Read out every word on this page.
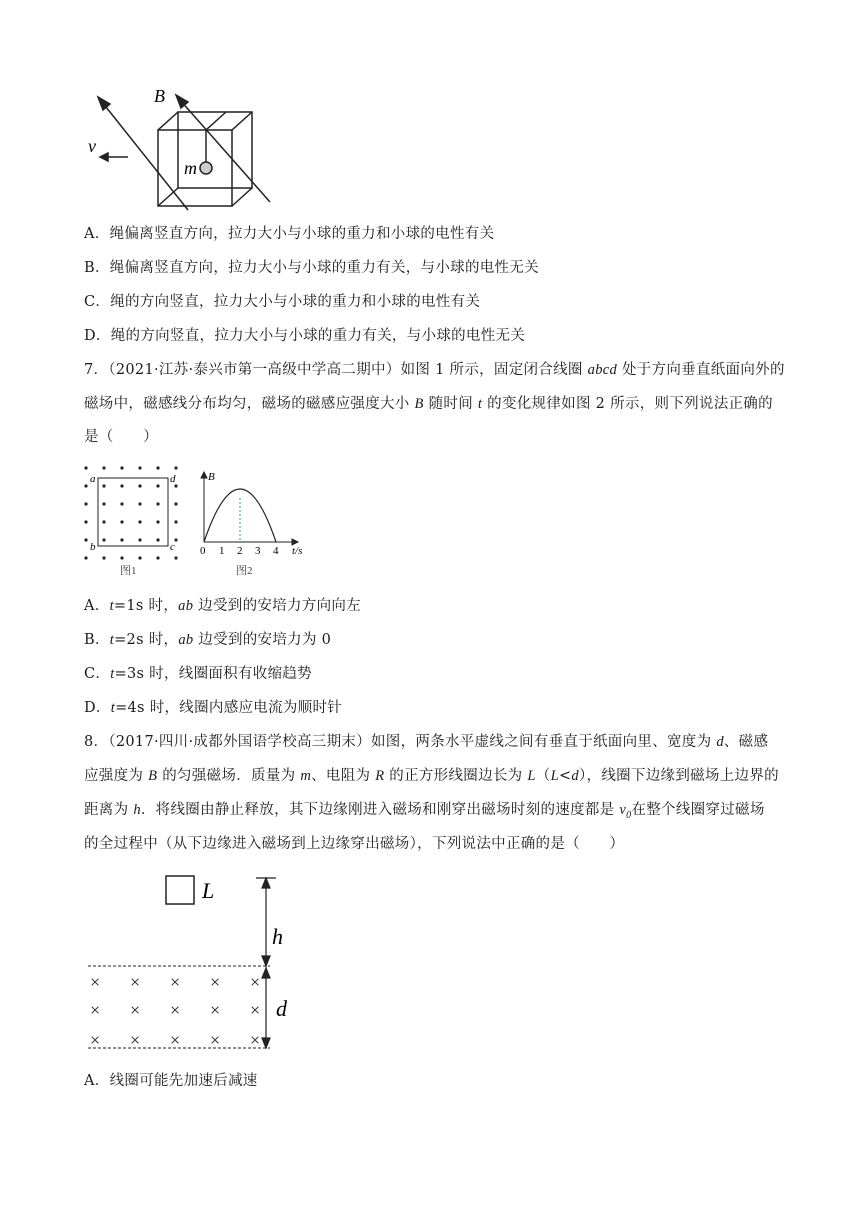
B
v
m
A．绳偏离竖直方向，拉力大小与小球的重力和小球的电性有关
B．绳偏离竖直方向，拉力大小与小球的重力有关，与小球的电性无关
C．绳的方向竖直，拉力大小与小球的重力和小球的电性有关
D．绳的方向竖直，拉力大小与小球的重力有关，与小球的电性无关
7．（2021·江苏·泰兴市第一高级中学高二期中）如图 1 所示，固定闭合线圈 abcd 处于方向垂直纸面向外的
磁场中，磁感线分布均匀，磁场的磁感应强度大小 B 随时间 t 的变化规律如图 2 所示，则下列说法正确的
是（　　）
a	d
b	c
图1
B
t/s
0 1 2 3 4
图2
A．t=1s 时，ab 边受到的安培力方向向左
B．t=2s 时，ab 边受到的安培力为 0
C．t=3s 时，线圈面积有收缩趋势
D．t=4s 时，线圈内感应电流为顺时针
8．（2017·四川·成都外国语学校高三期末）如图，两条水平虚线之间有垂直于纸面向里、宽度为 d、磁感
应强度为 B 的匀强磁场．质量为 m、电阻为 R 的正方形线圈边长为 L（L<d），线圈下边缘到磁场上边界的
距离为 h．将线圈由静止释放，其下边缘刚进入磁场和刚穿出磁场时刻的速度都是 $v_0$在整个线圈穿过磁场
的全过程中（从下边缘进入磁场到上边缘穿出磁场），下列说法中正确的是（　　）
L
h
d
× × × × ×
× × × × ×
× × × × ×
A．线圈可能先加速后减速
